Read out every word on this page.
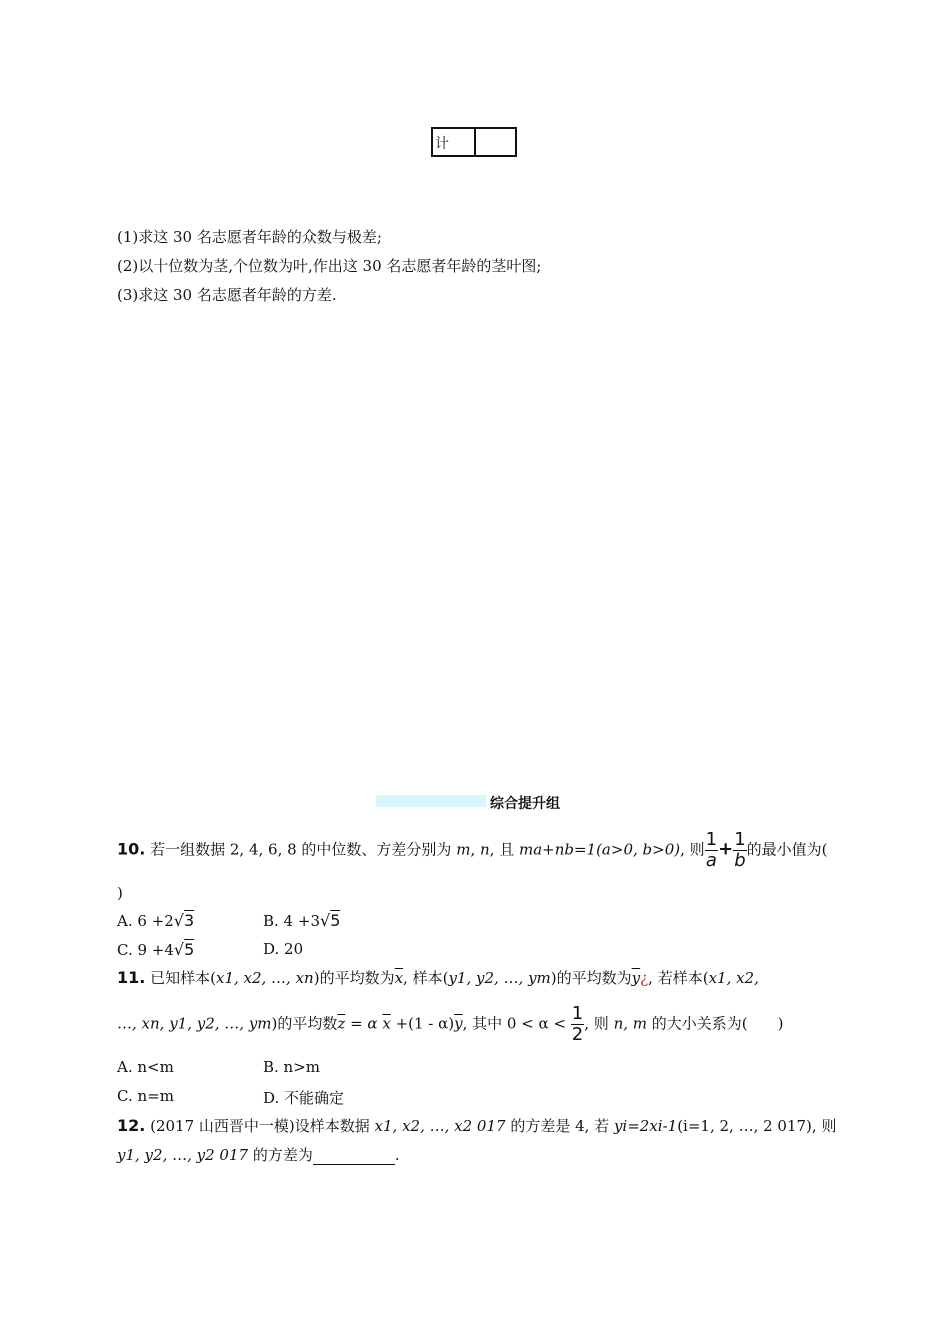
计
(1)求这 30 名志愿者年龄的众数与极差;
(2)以十位数为茎,个位数为叶,作出这 30 名志愿者年龄的茎叶图;
(3)求这 30 名志愿者年龄的方差.
综合提升组
10. 若一组数据 2, 4, 6, 8 的中位数、方差分别为 m, n, 且 ma+nb=1(a>0, b>0), 则 $\frac{1}{a} + \frac{1}{b}$ 的最小值为(
)
A. 6 +2√3	B. 4 +3√5
C. 9 +4√5	D. 20
11. 已知样本(x1, x2, …, xn)的平均数为$\overline{x}$, 样本(y1, y2, …, ym)的平均数为$\overline{y}¿$, 若样本(x1, x2,
…, xn, y1, y2, …, ym)的平均数$\overline{z} = \alpha$ $\overline{x} +(1 - \alpha)\overline{y}$, 其中 $0 < \alpha < \frac{1}{2}$ , 则 n, m 的大小关系为(　　)
A. n<m	B. n>m
C. n=m	D. 不能确定
12. (2017 山西晋中一模)设样本数据 x1, x2, …, x2 017 的方差是 4, 若 yi=2xi-1(i=1, 2, …, 2 017), 则
y1, y2, …, y2 017 的方差为	.
